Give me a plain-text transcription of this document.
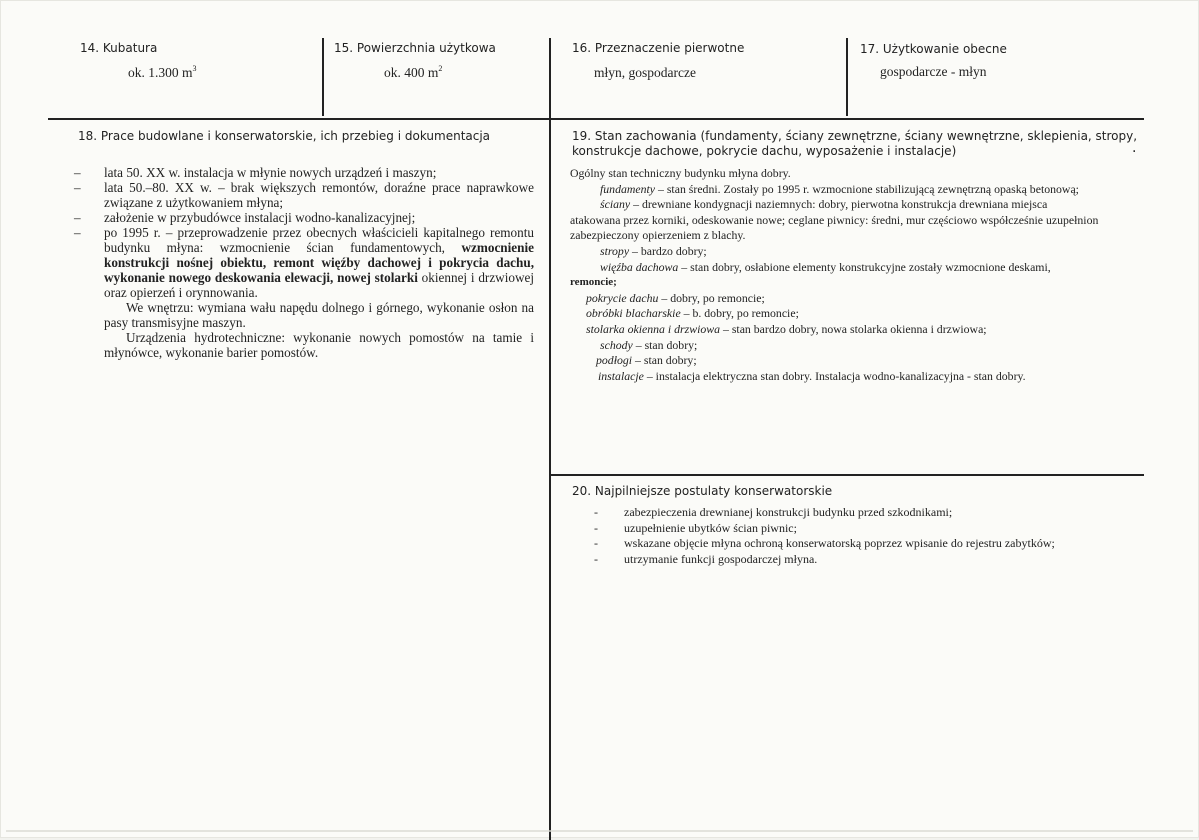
14. Kubatura
ok. 1.300 $m^3$
15. Powierzchnia użytkowa
ok. 400 $m^2$
16. Przeznaczenie pierwotne
młyn, gospodarcze
17. Użytkowanie obecne
gospodarcze - młyn
18. Prace budowlane i konserwatorskie, ich przebieg i dokumentacja
– lata 50. XX w. instalacja w młynie nowych urządzeń i maszyn;
– lata 50.–80. XX w. – brak większych remontów, doraźne prace naprawkowe związane z użytkowaniem młyna;
– założenie w przybudówce instalacji wodno-kanalizacyjnej;
– po 1995 r. – przeprowadzenie przez obecnych właścicieli kapitalnego remontu budynku młyna: wzmocnienie ścian fundamentowych, wzmocnienie konstrukcji nośnej obiektu, remont więźby dachowej i pokrycia dachu, wykonanie nowego deskowania elewacji, nowej stolarki okiennej i drzwiowej oraz opierzeń i orynnowania.

We wnętrzu: wymiana wału napędu dolnego i górnego, wykonanie osłon na pasy transmisyjne maszyn.

Urządzenia hydrotechniczne: wykonanie nowych pomostów na tamie i młynówce, wykonanie barier pomostów.

19. Stan zachowania (fundamenty, ściany zewnętrzne, ściany wewnętrzne, sklepienia, stropy,
konstrukcje dachowe, pokrycie dachu, wyposażenie i instalacje)	.
Ogólny stan techniczny budynku młyna dobry.
fundamenty – stan średni. Zostały po 1995 r. wzmocnione stabilizującą zewnętrzną opaską betonową;
ściany – drewniane kondygnacji naziemnych: dobry, pierwotna konstrukcja drewniana miejsca
atakowana przez korniki, odeskowanie nowe; ceglane piwnicy: średni, mur częściowo współcześnie uzupełnion
zabezpieczony opierzeniem z blachy.
stropy – bardzo dobry;
więźba dachowa – stan dobry, osłabione elementy konstrukcyjne zostały wzmocnione deskami,
remoncie;
pokrycie dachu – dobry, po remoncie;
obróbki blacharskie – b. dobry, po remoncie;
stolarka okienna i drzwiowa – stan bardzo dobry, nowa stolarka okienna i drzwiowa;
schody – stan dobry;
podłogi – stan dobry;
instalacje – instalacja elektryczna stan dobry. Instalacja wodno-kanalizacyjna - stan dobry.
20. Najpilniejsze postulaty konserwatorskie
- zabezpieczenia drewnianej konstrukcji budynku przed szkodnikami;
- uzupełnienie ubytków ścian piwnic;
- wskazane objęcie młyna ochroną konserwatorską poprzez wpisanie do rejestru zabytków;
- utrzymanie funkcji gospodarczej młyna.
